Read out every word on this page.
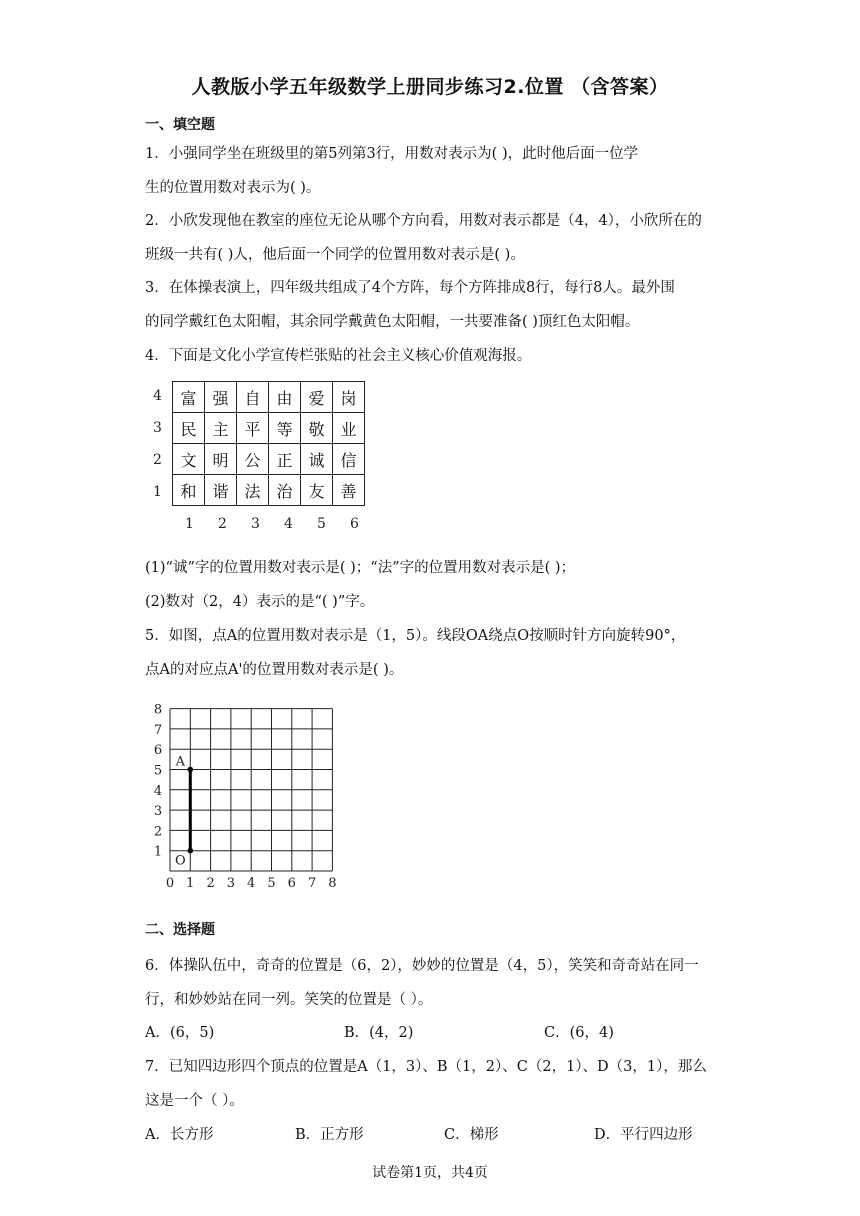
人教版小学五年级数学上册同步练习2.位置 （含答案）
一、填空题
1．小强同学坐在班级里的第5列第3行，用数对表示为( )，此时他后面一位学
生的位置用数对表示为( )。
2．小欣发现他在教室的座位无论从哪个方向看，用数对表示都是（4，4），小欣所在的
班级一共有( )人，他后面一个同学的位置用数对表示是( )。
3．在体操表演上，四年级共组成了4个方阵，每个方阵排成8行，每行8人。最外围
的同学戴红色太阳帽，其余同学戴黄色太阳帽，一共要准备( )顶红色太阳帽。
4．下面是文化小学宣传栏张贴的社会主义核心价值观海报。
4
3
2
1
富	强	自	由	爱	岗
民	主	平	等	敬	业
文	明	公	正	诚	信
和	谐	法	治	友	善
1 2 3 4 5 6
(1)“诚”字的位置用数对表示是( )；“法”字的位置用数对表示是( )；
(2)数对（2，4）表示的是“( )”字。
5．如图，点A的位置用数对表示是（1，5）。线段OA绕点O按顺时针方向旋转90°，
点A的对应点A'的位置用数对表示是( )。
0 1 2 3 4 5 6 7 8
1
2
3
4
5
6
7
8
A
O
二、选择题
6．体操队伍中，奇奇的位置是（6，2），妙妙的位置是（4，5），笑笑和奇奇站在同一
行，和妙妙站在同一列。笑笑的位置是（ ）。
A．(6，5)	B．(4，2)	C．(6，4)
7．已知四边形四个顶点的位置是A（1，3）、B（1，2）、C（2，1）、D（3，1），那么
这是一个（ ）。
A．长方形	B．正方形	C．梯形	D．平行四边形
试卷第1页，共4页
